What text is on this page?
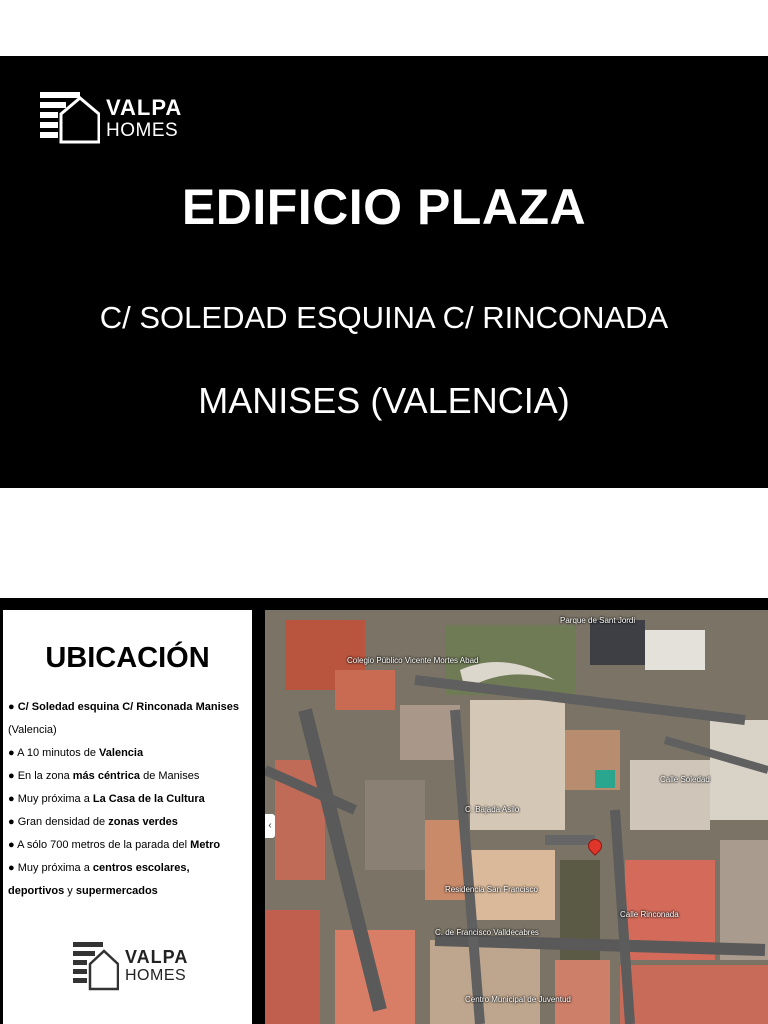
VALPA
HOMES
EDIFICIO PLAZA
C/ SOLEDAD ESQUINA C/ RINCONADA
MANISES (VALENCIA)
UBICACIÓN
● C/ Soledad esquina C/ Rinconada Manises (Valencia)
● A 10 minutos de Valencia
● En la zona más céntrica de Manises
● Muy próxima a La Casa de la Cultura
● Gran densidad de zonas verdes
● A sólo 700 metros de la parada del Metro
● Muy próxima a centros escolares, deportivos y supermercados
VALPA
HOMES
‹
Parque de Sant Jordi
Colegio Público Vicente Mortes Abad
C. Bajada Asilo
Calle Rinconada
C. de Francisco Valldecabres
Residencia San Francisco
Centro Municipal de Juventud
Calle Soledad
